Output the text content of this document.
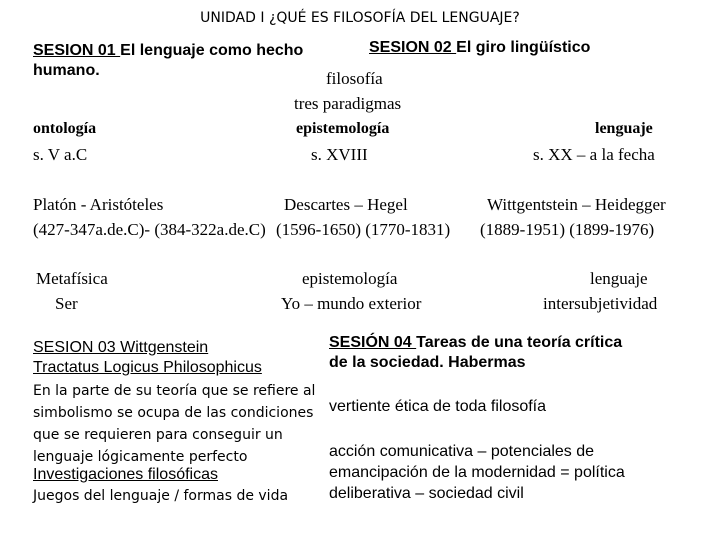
UNIDAD I ¿QUÉ ES FILOSOFÍA DEL LENGUAJE?
SESION 01 El lenguaje como hecho
humano.
SESION 02 El giro lingüístico
filosofía
tres paradigmas
ontología
s. V a.C
epistemología
s. XVIII
lenguaje
s. XX – a la fecha
Platón - Aristóteles
(427-347a.de.C)- (384-322a.de.C)
Descartes – Hegel
(1596-1650) (1770-1831)
Wittgentstein – Heidegger
(1889-1951) (1899-1976)
Metafísica
Ser
epistemología
Yo – mundo exterior
lenguaje
intersubjetividad
SESION 03 Wittgenstein
Tractatus Logicus Philosophicus
En la parte de su teoría que se refiere al
simbolismo se ocupa de las condiciones
que se requieren para conseguir un
lenguaje lógicamente perfecto
Investigaciones filosóficas
Juegos del lenguaje / formas de vida
SESIÓN 04 Tareas de una teoría crítica
de la sociedad. Habermas
vertiente ética de toda filosofía
acción comunicativa – potenciales de
emancipación de la modernidad = política
deliberativa – sociedad civil
